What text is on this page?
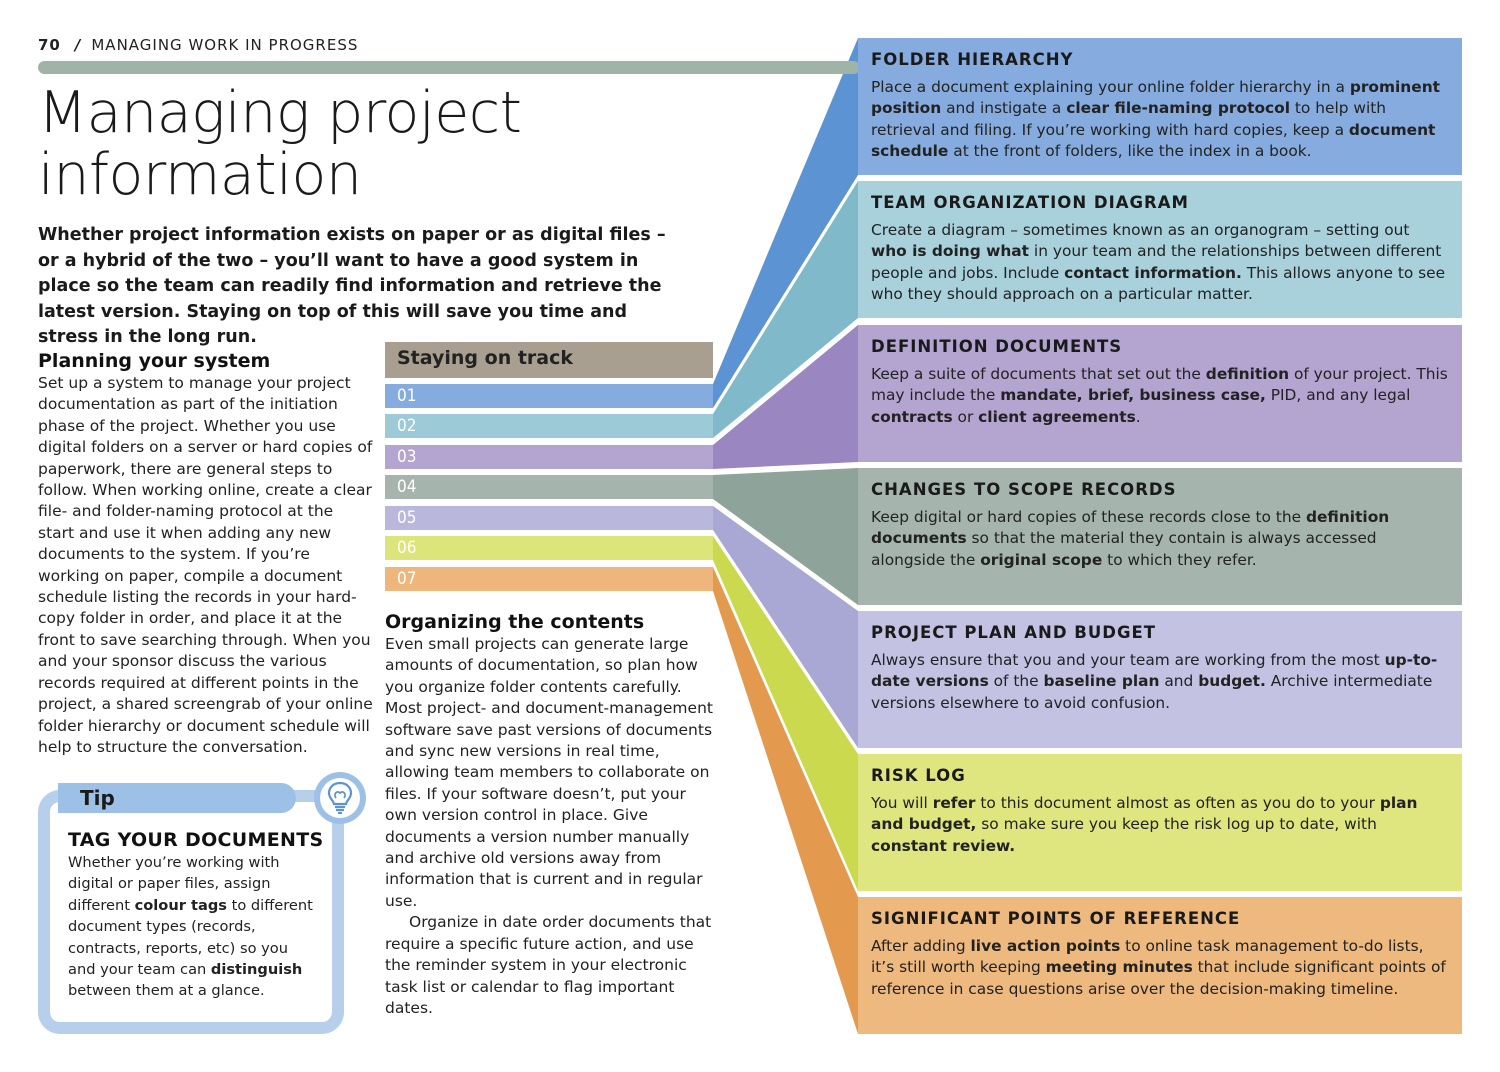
70 / MANAGING WORK IN PROGRESS
Managing project
information
Whether project information exists on paper or as digital files – or a hybrid of the two – you’ll want to have a good system in place so the team can readily find information and retrieve the latest version. Staying on top of this will save you time and stress in the long run.
Planning your system
Set up a system to manage your project documentation as part of the initiation phase of the project. Whether you use digital folders on a server or hard copies of paperwork, there are general steps to follow. When working online, create a clear file- and folder-naming protocol at the start and use it when adding any new documents to the system. If you’re working on paper, compile a document schedule listing the records in your hard-copy folder in order, and place it at the front to save searching through. When you and your sponsor discuss the various records required at different points in the project, a shared screengrab of your online folder hierarchy or document schedule will help to structure the conversation.
Staying on track
01
02
03
04
05
06
07
Organizing the contents
Even small projects can generate large amounts of documentation, so plan how you organize folder contents carefully. Most project- and document-management software save past versions of documents and sync new versions in real time, allowing team members to collaborate on files. If your software doesn’t, put your own version control in place. Give documents a version number manually and archive old versions away from information that is current and in regular use.
Organize in date order documents that require a specific future action, and use the reminder system in your electronic task list or calendar to flag important dates.
Tip
TAG YOUR DOCUMENTS
Whether you’re working with digital or paper files, assign different colour tags to different document types (records, contracts, reports, etc) so you and your team can distinguish between them at a glance.
FOLDER HIERARCHY

Place a document explaining your online folder hierarchy in a prominent position and instigate a clear file-naming protocol to help with retrieval and filing. If you’re working with hard copies, keep a document schedule at the front of folders, like the index in a book.

TEAM ORGANIZATION DIAGRAM

Create a diagram – sometimes known as an organogram – setting out who is doing what in your team and the relationships between different people and jobs. Include contact information. This allows anyone to see who they should approach on a particular matter.

DEFINITION DOCUMENTS

Keep a suite of documents that set out the definition of your project. This may include the mandate, brief, business case, PID, and any legal contracts or client agreements.

CHANGES TO SCOPE RECORDS

Keep digital or hard copies of these records close to the definition documents so that the material they contain is always accessed alongside the original scope to which they refer.

PROJECT PLAN AND BUDGET

Always ensure that you and your team are working from the most up-to-date versions of the baseline plan and budget. Archive intermediate versions elsewhere to avoid confusion.

RISK LOG

You will refer to this document almost as often as you do to your plan and budget, so make sure you keep the risk log up to date, with constant review.

SIGNIFICANT POINTS OF REFERENCE

After adding live action points to online task management to-do lists, it’s still worth keeping meeting minutes that include significant points of reference in case questions arise over the decision-making timeline.
